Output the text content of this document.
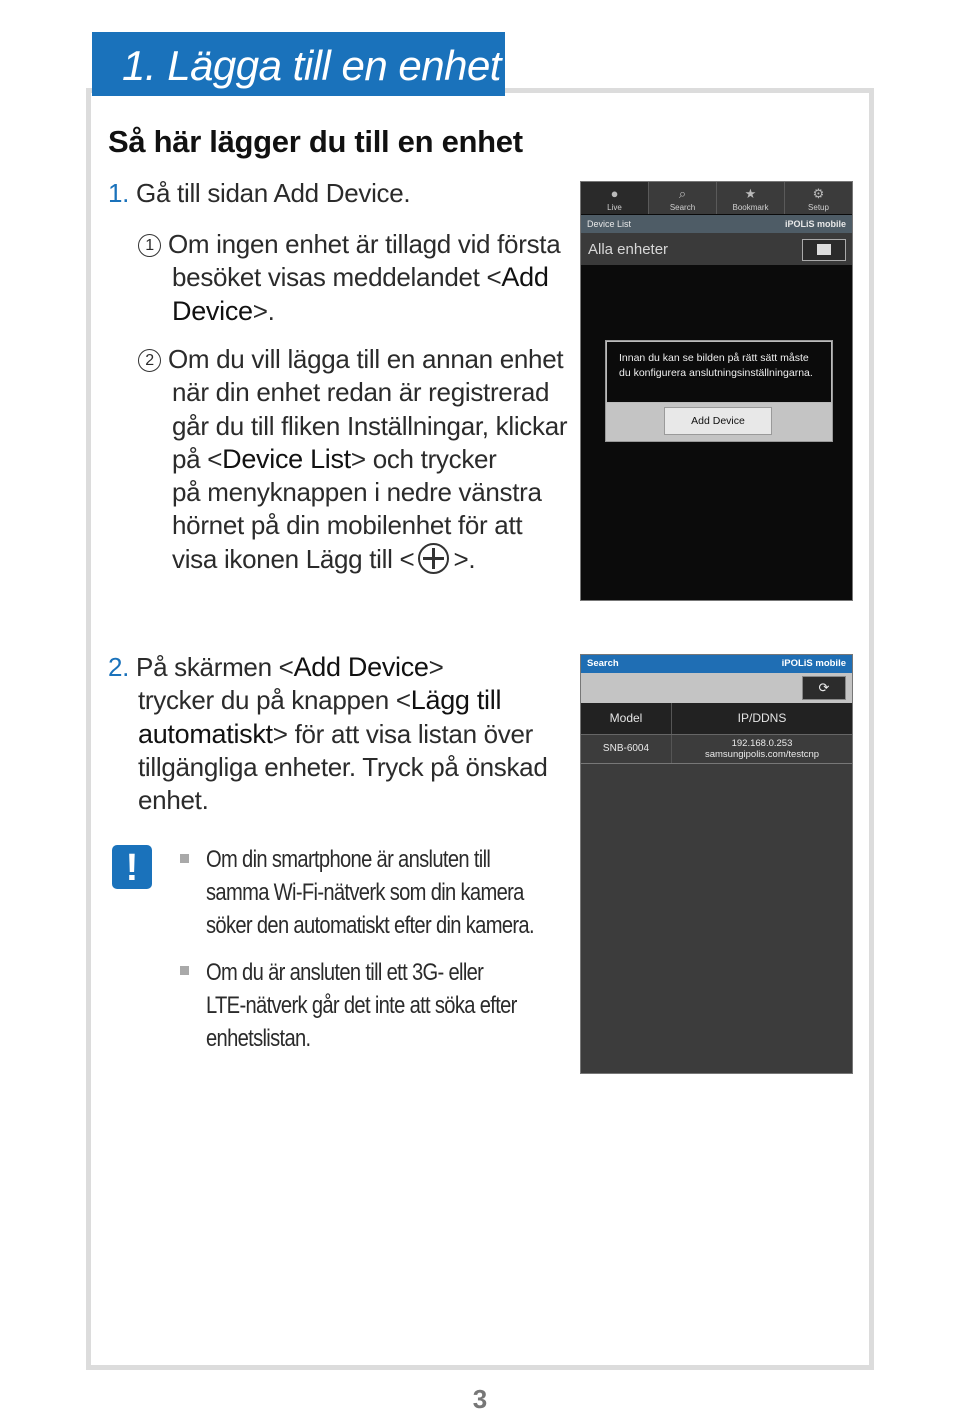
1. Lägga till en enhet
Så här lägger du till en enhet
1. Gå till sidan Add Device.
1 Om ingen enhet är tillagd vid första
besöket visas meddelandet <Add
Device>.
2 Om du vill lägga till en annan enhet
när din enhet redan är registrerad
går du till fliken Inställningar, klickar
på <Device List> och trycker
på menyknappen i nedre vänstra
hörnet på din mobilenhet för att
visa ikonen Lägg till < >.
●
Live
⌕
Search
★
Bookmark
⚙
Setup
Device List	iPOLiS mobile
Alla enheter
Innan du kan se bilden på rätt sätt måste du konfigurera anslutningsinställningarna.
Add Device
2. På skärmen <Add Device>
trycker du på knappen <Lägg till
automatiskt> för att visa listan över
tillgängliga enheter. Tryck på önskad
enhet.
Search	iPOLiS mobile
⟳
Model	IP/DDNS
SNB-6004	192.168.0.253
samsungipolis.com/testcnp
!	Om din smartphone är ansluten till
samma Wi-Fi-nätverk som din kamera
söker den automatiskt efter din kamera.
Om du är ansluten till ett 3G- eller
LTE-nätverk går det inte att söka efter
enhetslistan.
3
